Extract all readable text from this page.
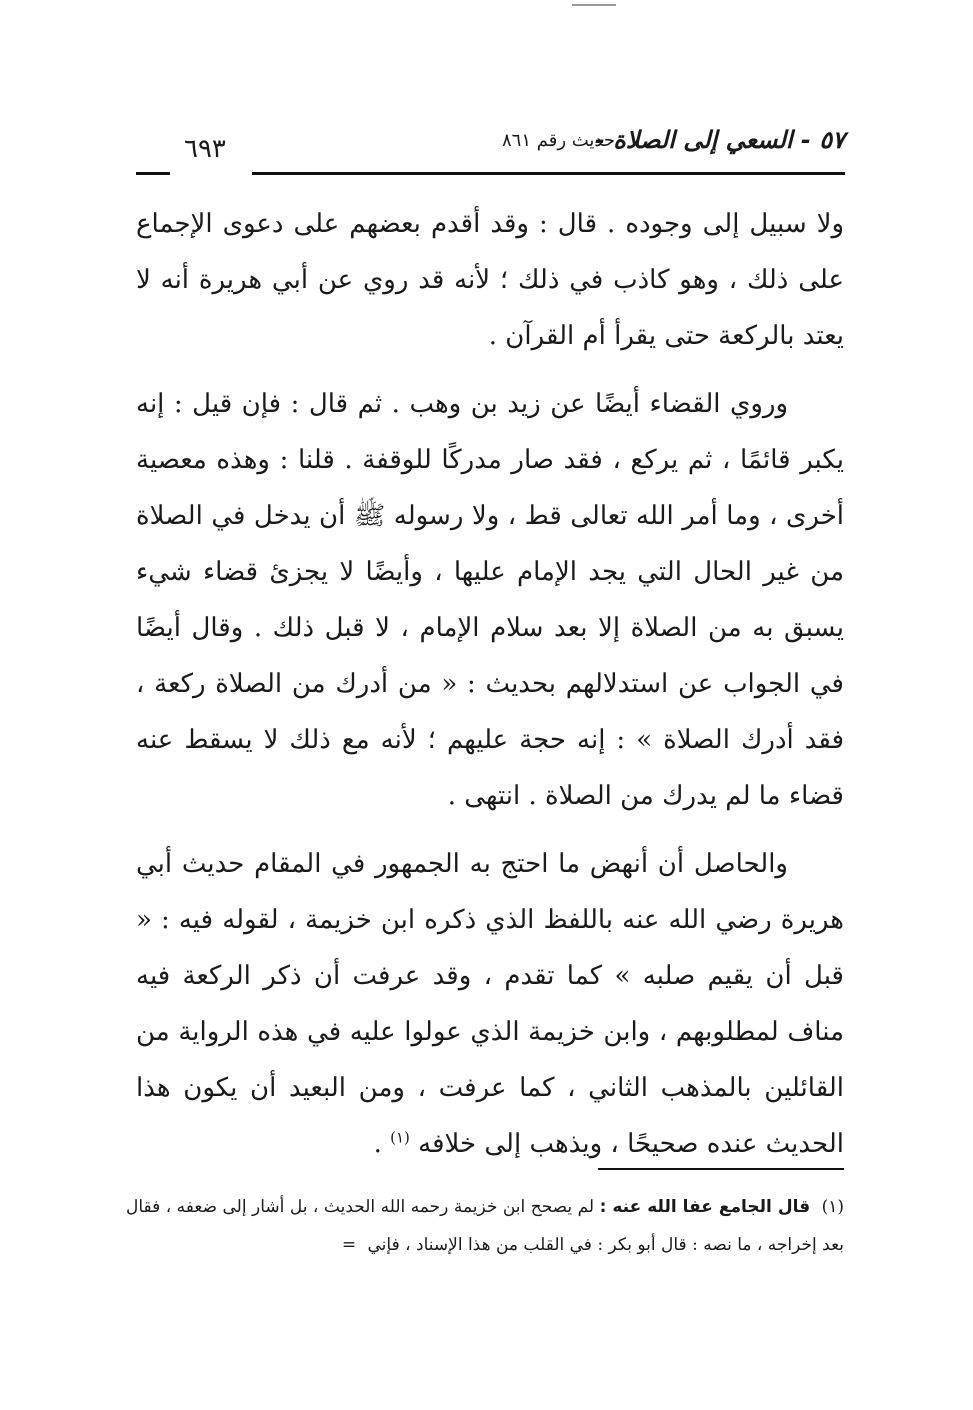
٥٧ - السعي إلى الصلاة -
حديث رقم ٨٦١
٦٩٣

ولا سبيل إلى وجوده . قال : وقد أقدم بعضهم على دعوى الإجماع على ذلك ، وهو كاذب في ذلك ؛ لأنه قد روي عن أبي هريرة أنه لا يعتد بالركعة حتى يقرأ أم القرآن .

وروي القضاء أيضًا عن زيد بن وهب . ثم قال : فإن قيل : إنه يكبر قائمًا ، ثم يركع ، فقد صار مدركًا للوقفة . قلنا : وهذه معصية أخرى ، وما أمر الله تعالى قط ، ولا رسوله ﷺ أن يدخل في الصلاة من غير الحال التي يجد الإمام عليها ، وأيضًا لا يجزئ قضاء شيء يسبق به من الصلاة إلا بعد سلام الإمام ، لا قبل ذلك . وقال أيضًا في الجواب عن استدلالهم بحديث : « من أدرك من الصلاة ركعة ، فقد أدرك الصلاة » : إنه حجة عليهم ؛ لأنه مع ذلك لا يسقط عنه قضاء ما لم يدرك من الصلاة . انتهى .

والحاصل أن أنهض ما احتج به الجمهور في المقام حديث أبي هريرة رضي الله عنه باللفظ الذي ذكره ابن خزيمة ، لقوله فيه : « قبل أن يقيم صلبه » كما تقدم ، وقد عرفت أن ذكر الركعة فيه مناف لمطلوبهم ، وابن خزيمة الذي عولوا عليه في هذه الرواية من القائلين بالمذهب الثاني ، كما عرفت ، ومن البعيد أن يكون هذا الحديث عنده صحيحًا ، ويذهب إلى خلافه $^{(١)}$ .

(١) قال الجامع عفا الله عنه : لم يصحح ابن خزيمة رحمه الله الحديث ، بل أشار إلى ضعفه ، فقال بعد إخراجه ، ما نصه : قال أبو بكر : في القلب من هذا الإسناد ، فإني =
